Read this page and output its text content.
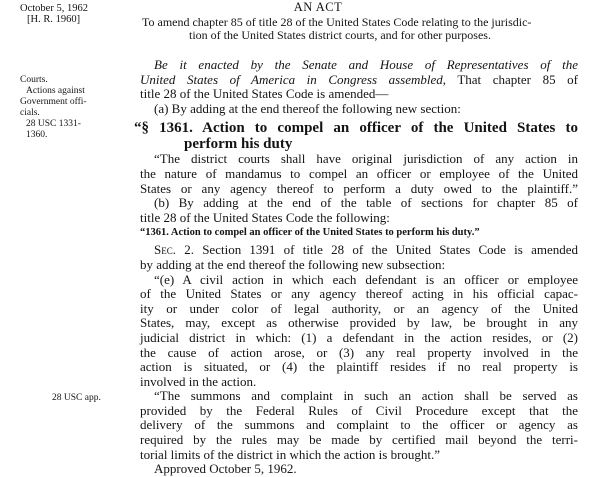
October 5, 1962
[H. R. 1960]
AN ACT
To amend chapter 85 of title 28 of the United States Code relating to the jurisdic-
tion of the United States district courts, and for other purposes.
Courts.
Actions against
Government offi-
cials.
28 USC 1331-
1360.
28 USC app.
Be it enacted by the Senate and House of Representatives of the
United States of America in Congress assembled, That chapter 85 of
title 28 of the United States Code is amended—
(a) By adding at the end thereof the following new section:
“§ 1361. Action to compel an officer of the United States to
perform his duty
“The district courts shall have original jurisdiction of any action in
the nature of mandamus to compel an officer or employee of the United
States or any agency thereof to perform a duty owed to the plaintiff.”
(b) By adding at the end of the table of sections for chapter 85 of
title 28 of the United States Code the following:
“1361. Action to compel an officer of the United States to perform his duty.”
Sec. 2. Section 1391 of title 28 of the United States Code is amended
by adding at the end thereof the following new subsection:
“(e) A civil action in which each defendant is an officer or employee
of the United States or any agency thereof acting in his official capac-
ity or under color of legal authority, or an agency of the United
States, may, except as otherwise provided by law, be brought in any
judicial district in which: (1) a defendant in the action resides, or (2)
the cause of action arose, or (3) any real property involved in the
action is situated, or (4) the plaintiff resides if no real property is
involved in the action.
“The summons and complaint in such an action shall be served as
provided by the Federal Rules of Civil Procedure except that the
delivery of the summons and complaint to the officer or agency as
required by the rules may be made by certified mail beyond the terri-
torial limits of the district in which the action is brought.”
Approved October 5, 1962.
